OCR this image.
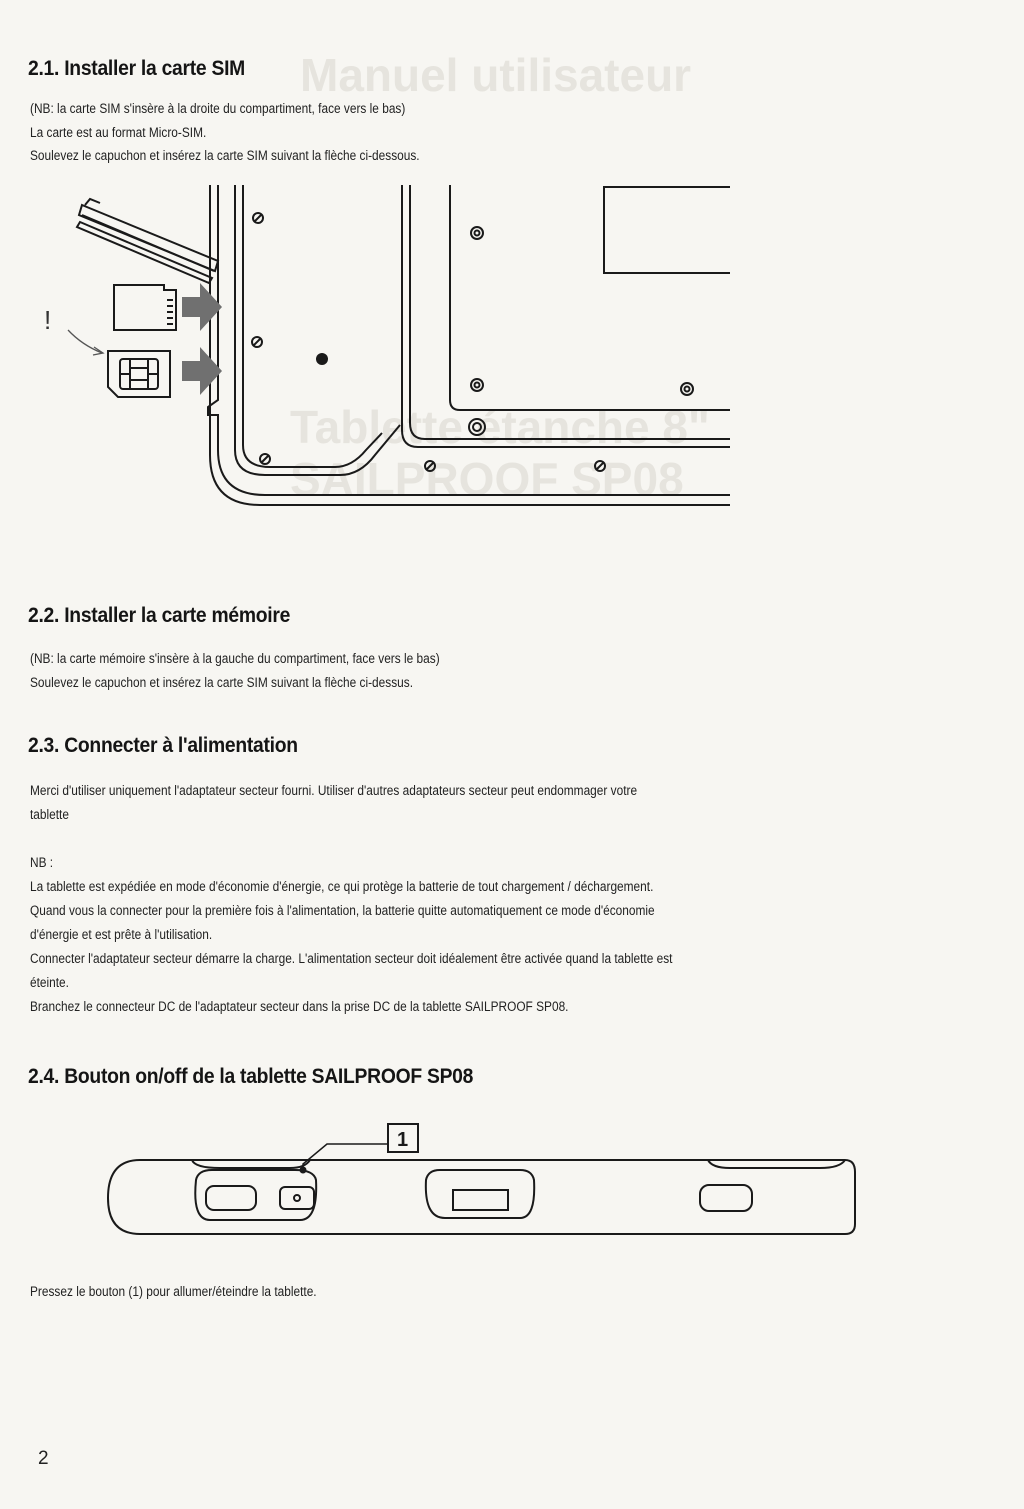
Manuel utilisateur
Tablette étanche 8"
SAILPROOF SP08
2.1. Installer la carte SIM
(NB: la carte SIM s'insère à la droite du compartiment, face vers le bas)
La carte est au format Micro-SIM.
Soulevez le capuchon et insérez la carte SIM suivant la flèche ci-dessous.
!
2.2. Installer la carte mémoire
(NB: la carte mémoire s'insère à la gauche du compartiment, face vers le bas)
Soulevez le capuchon et insérez la carte SIM suivant la flèche ci-dessus.
2.3. Connecter à l'alimentation
Merci d'utiliser uniquement l'adaptateur secteur fourni. Utiliser d'autres adaptateurs secteur peut endommager votre
tablette
NB :
La tablette est expédiée en mode d'économie d'énergie, ce qui protège la batterie de tout chargement / déchargement.
Quand vous la connecter pour la première fois à l'alimentation, la batterie quitte automatiquement ce mode d'économie
d'énergie et est prête à l'utilisation.
Connecter l'adaptateur secteur démarre la charge. L'alimentation secteur doit idéalement être activée quand la tablette est
éteinte.
Branchez le connecteur DC de l'adaptateur secteur dans la prise DC de la tablette SAILPROOF SP08.
2.4. Bouton on/off de la tablette SAILPROOF SP08
1
Pressez le bouton (1) pour allumer/éteindre la tablette.
2
